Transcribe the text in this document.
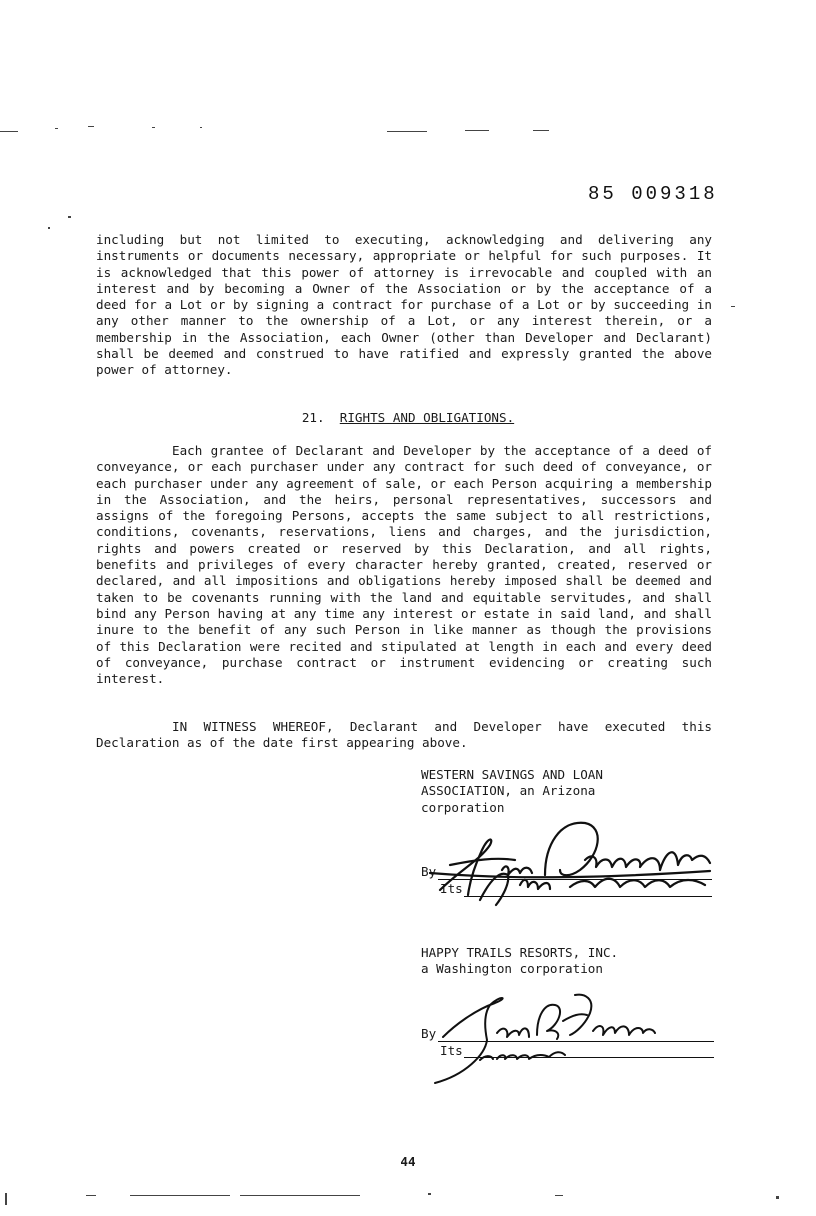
85 009318
including but not limited to executing, acknowledging and delivering any instruments or documents necessary, appropriate or helpful for such purposes. It is acknowledged that this power of attorney is irrevocable and coupled with an interest and by becoming a Owner of the Association or by the acceptance of a deed for a Lot or by signing a contract for purchase of a Lot or by succeeding in any other manner to the ownership of a Lot, or any interest therein, or a membership in the Association, each Owner (other than Developer and Declarant) shall be deemed and construed to have ratified and expressly granted the above power of attorney.
21. RIGHTS AND OBLIGATIONS.
Each grantee of Declarant and Developer by the acceptance of a deed of conveyance, or each purchaser under any contract for such deed of conveyance, or each purchaser under any agreement of sale, or each Person acquiring a membership in the Association, and the heirs, personal representatives, successors and assigns of the foregoing Persons, accepts the same subject to all restrictions, conditions, covenants, reservations, liens and charges, and the jurisdiction, rights and powers created or reserved by this Declaration, and all rights, benefits and privileges of every character hereby granted, created, reserved or declared, and all impositions and obligations hereby imposed shall be deemed and taken to be covenants running with the land and equitable servitudes, and shall bind any Person having at any time any interest or estate in said land, and shall inure to the benefit of any such Person in like manner as though the provisions of this Declaration were recited and stipulated at length in each and every deed of conveyance, purchase contract or instrument evidencing or creating such interest.
IN WITNESS WHEREOF, Declarant and Developer have executed this Declaration as of the date first appearing above.
WESTERN SAVINGS AND LOAN
ASSOCIATION, an Arizona
corporation
By
Its
HAPPY TRAILS RESORTS, INC.
a Washington corporation
By
Its
44
